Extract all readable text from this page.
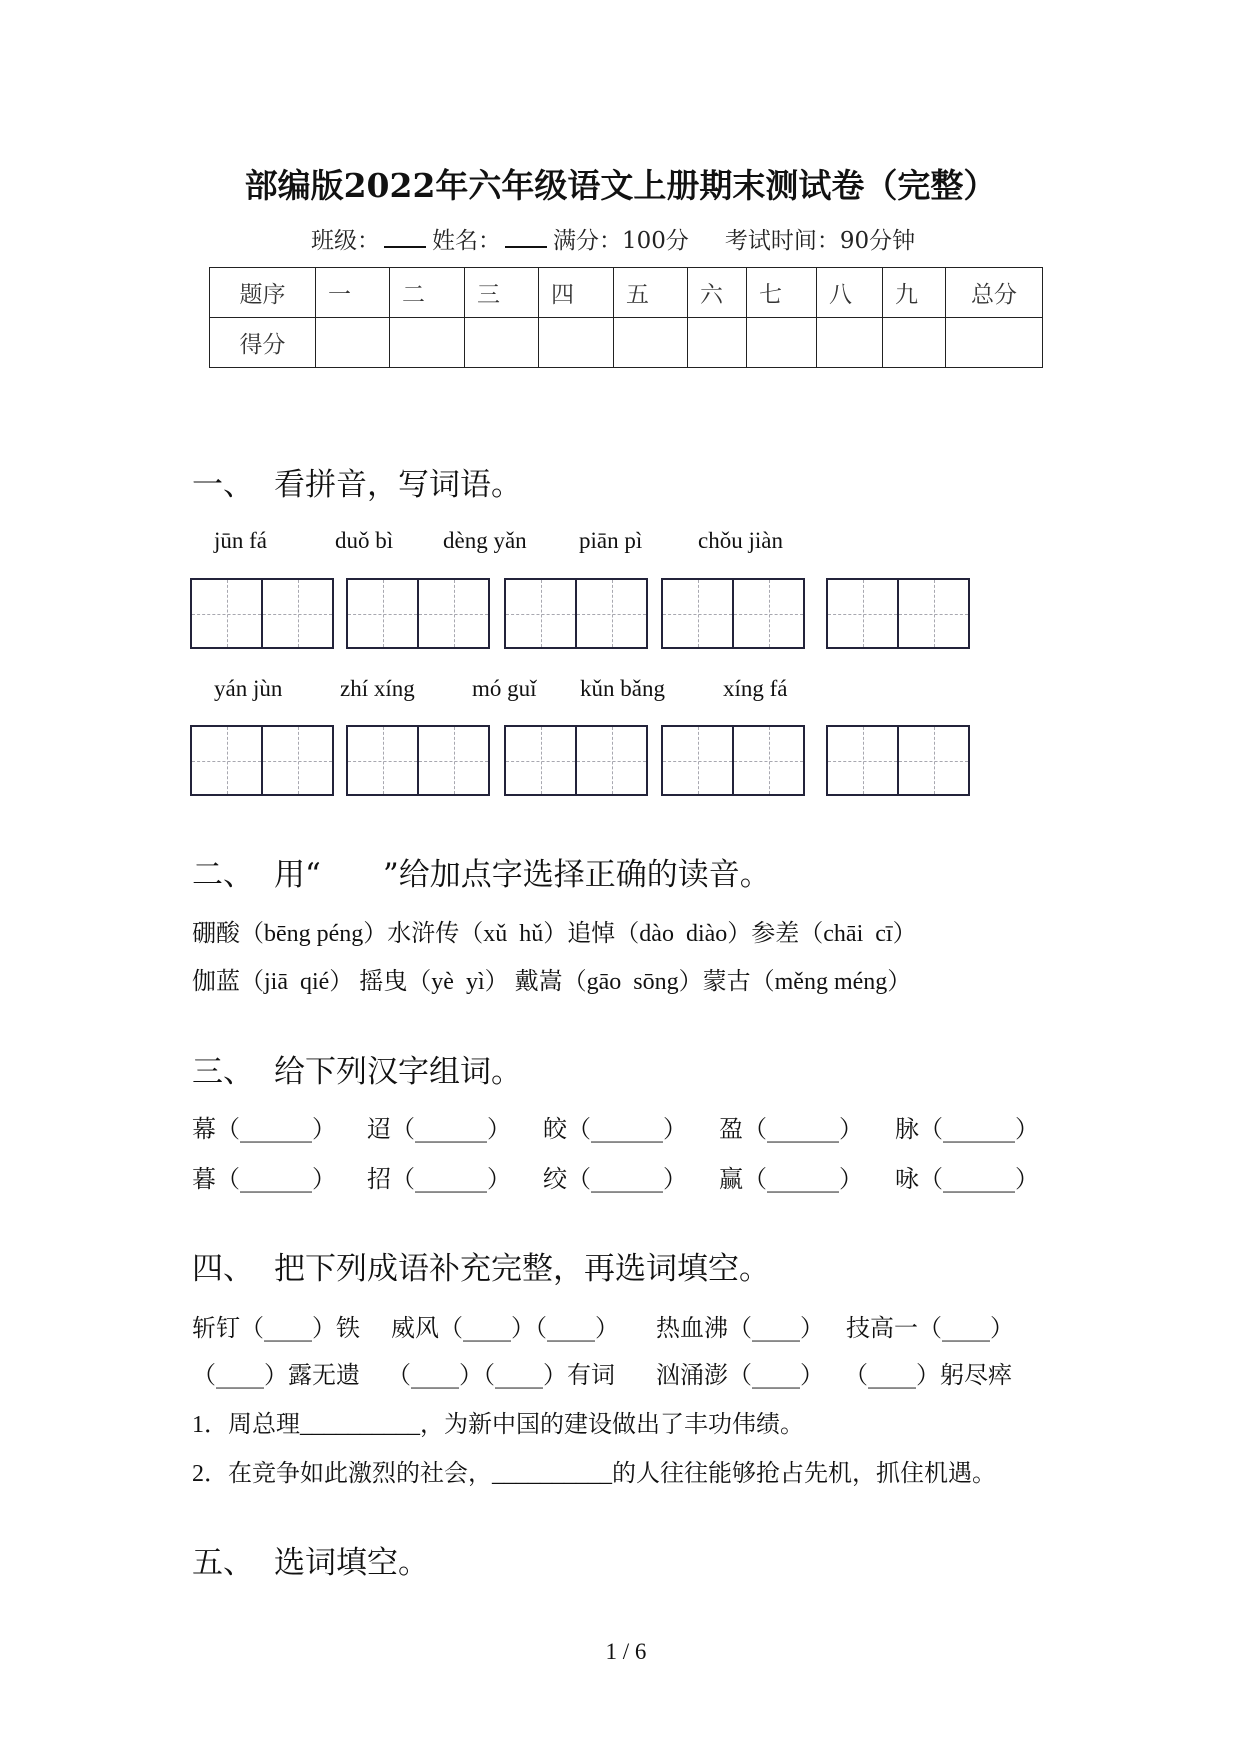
部编版2022年六年级语文上册期末测试卷（完整）
班级： 姓名： 满分：100分 考试时间：90分钟
题序	一	二	三	四	五	六	七	八	九	总分
得分										
一、 看拼音，写词语。
jūn fá	duǒ bì dèng yǎn piān pì chǒu jiàn
yán jùn	zhí xíng mó guǐ kǔn bǎng	xíng fá
二、 用“　　”给加点字选择正确的读音。
硼酸（bēng péng）水浒传（xǔ  hǔ）追悼（dào  diào）参差（chāi  cī）
伽蓝（jiā  qié） 摇曳（yè  yì） 戴嵩（gāo  sōng）蒙古（měng méng）
三、 给下列汉字组词。
幕（______） 迢（______） 皎（______） 盈（______） 脉（______）
暮（______） 招（______） 绞（______） 赢（______） 咏（______）
四、 把下列成语补充完整，再选词填空。
斩钉（____）铁 威风（____）（____） 热血沸（____） 技高一（____）
（____）露无遗 （____）（____）有词 汹涌澎（____） （____）躬尽瘁
1．周总理__________，为新中国的建设做出了丰功伟绩。
2．在竞争如此激烈的社会，__________的人往往能够抢占先机，抓住机遇。
五、 选词填空。
1 / 6
